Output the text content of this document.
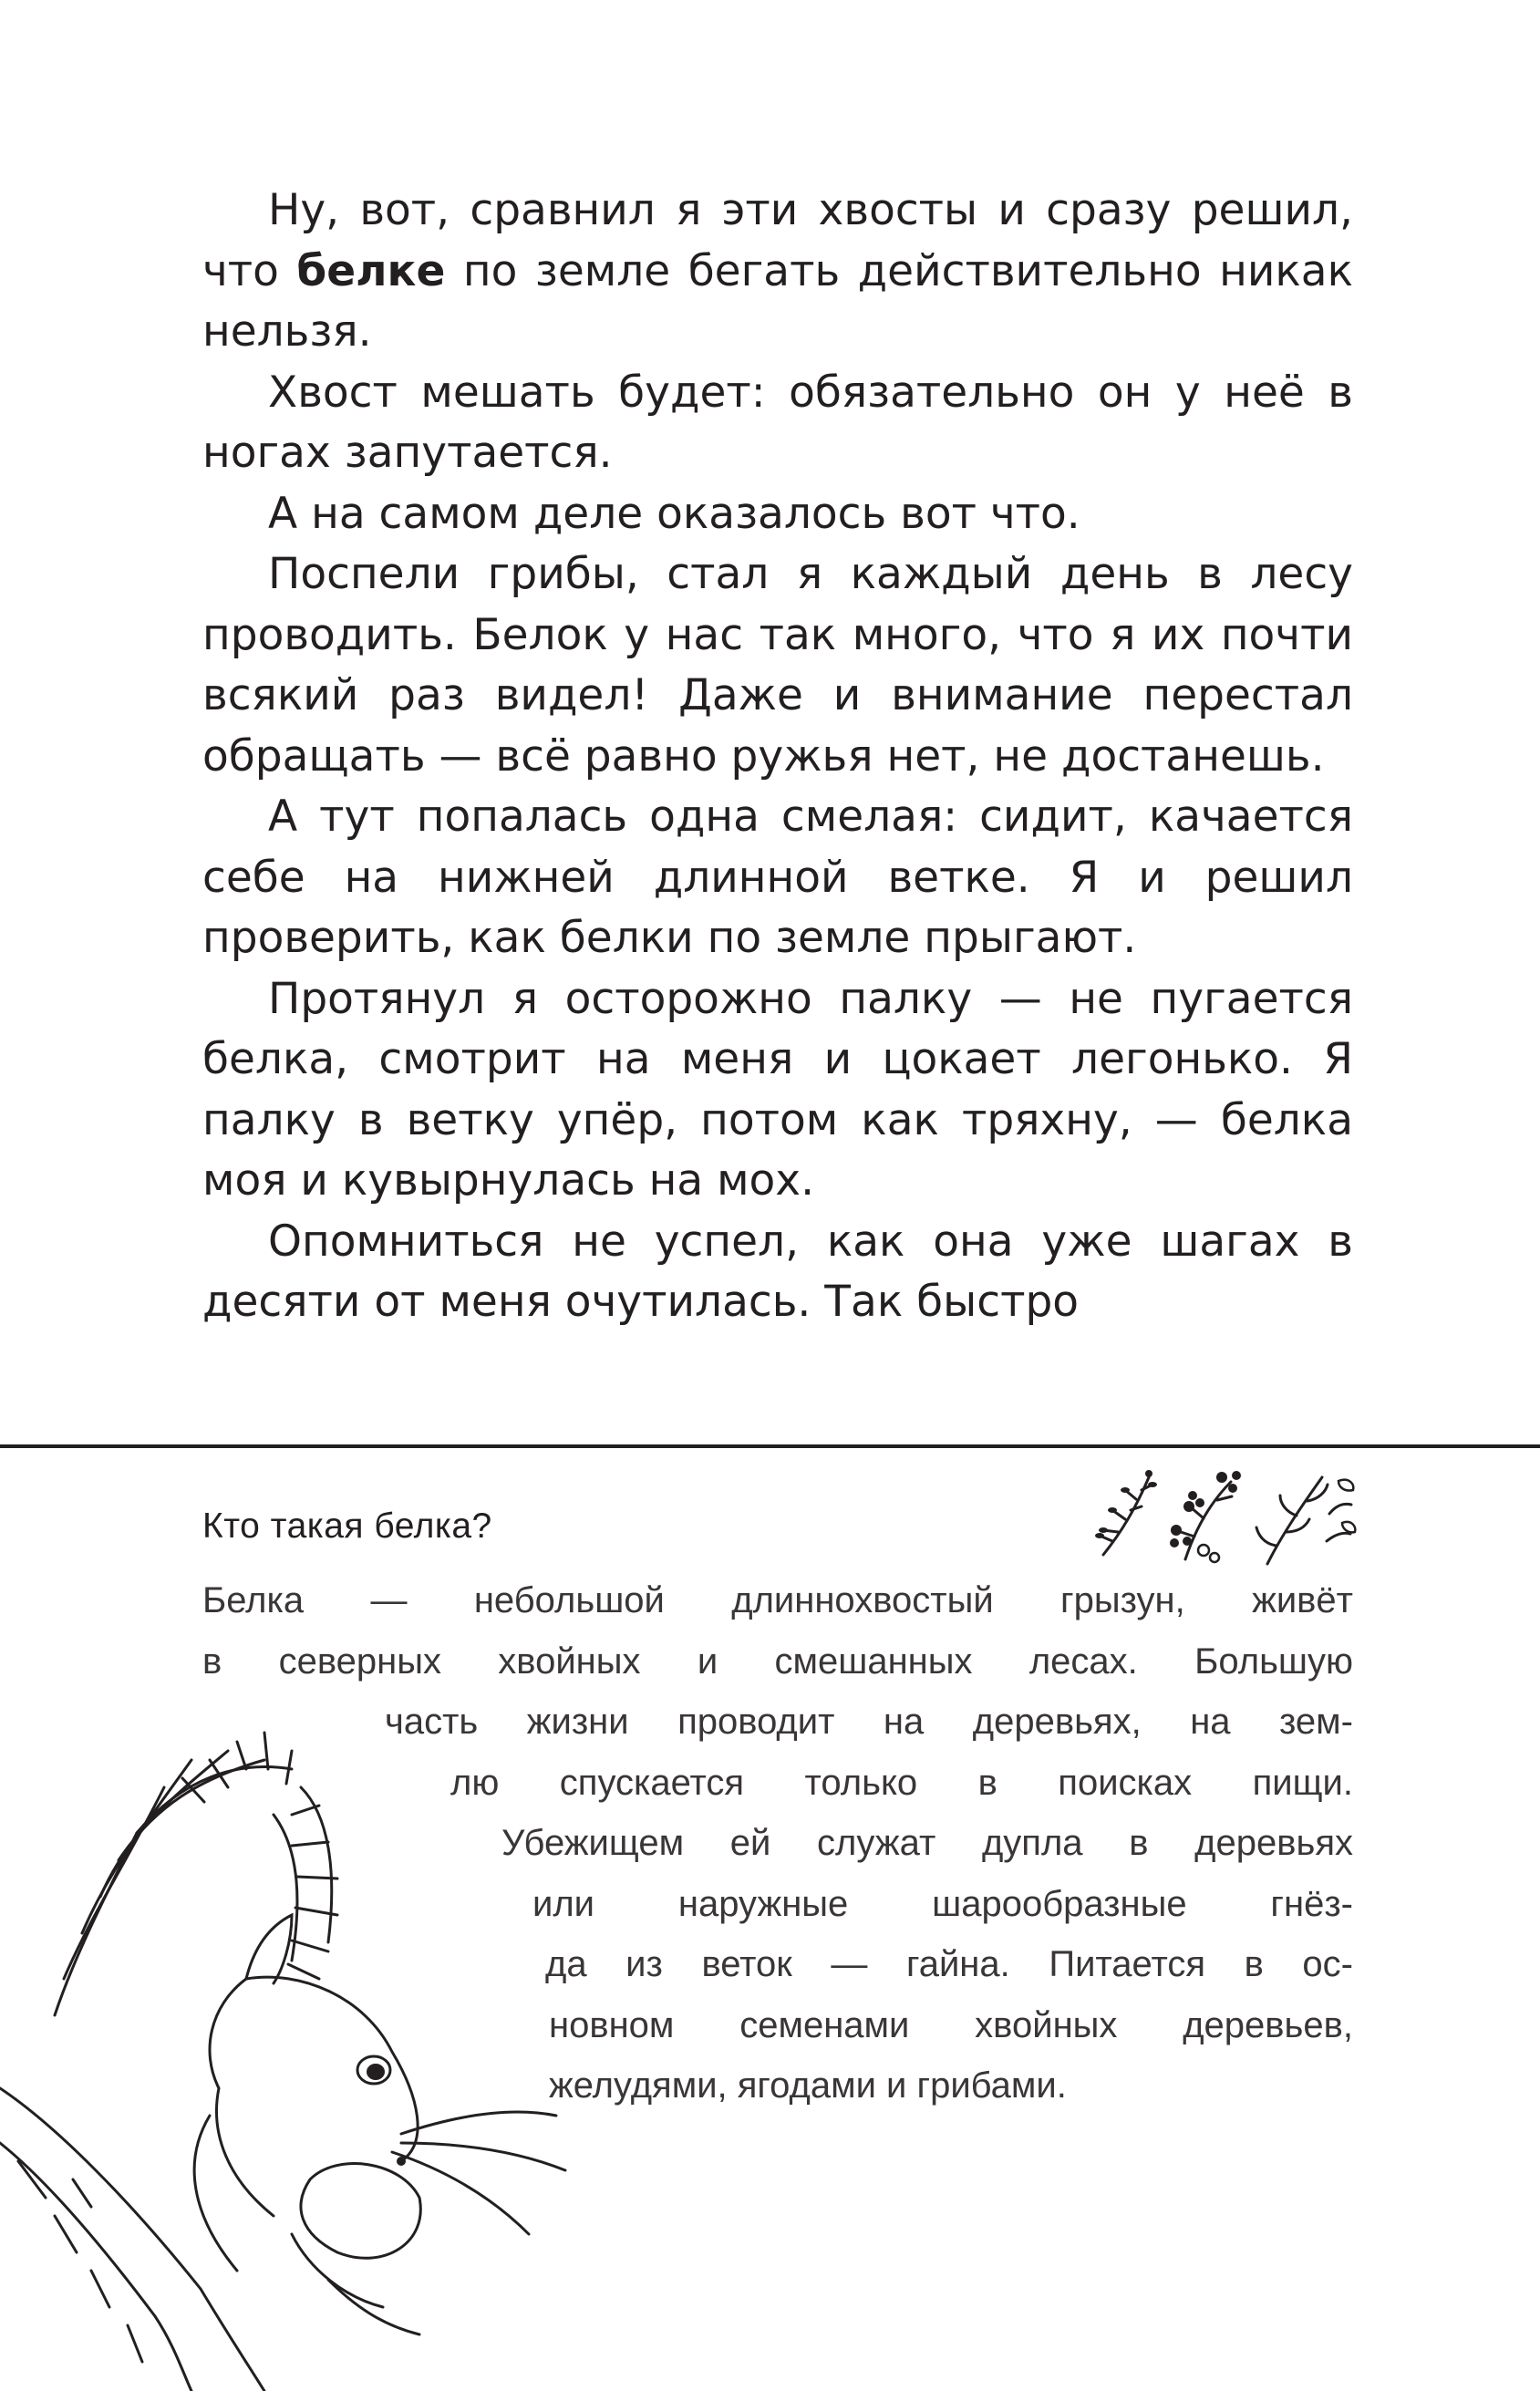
Ну, вот, сравнил я эти хвосты и сразу решил, что белке по земле бегать действительно никак нельзя.

Хвост мешать будет: обязательно он у неё в ногах запутается.

А на самом деле оказалось вот что.

Поспели грибы, стал я каждый день в лесу проводить. Белок у нас так много, что я их почти всякий раз видел! Даже и внимание перестал обращать — всё равно ружья нет, не достанешь.

А тут попалась одна смелая: сидит, качается себе на нижней длинной ветке. Я и решил проверить, как белки по земле прыгают.

Протянул я осторожно палку — не пугается белка, смотрит на меня и цокает легонько. Я палку в ветку упёр, потом как тряхну, — белка моя и кувырнулась на мох.

Опомниться не успел, как она уже шагах в десяти от меня очутилась. Так быстро

Кто такая белка?
Белка — небольшой длиннохвостый грызун, живёт
в северных хвойных и смешанных лесах. Большую
часть жизни проводит на деревьях, на зем-
лю спускается только в поисках пищи.
Убежищем ей служат дупла в деревьях
или наружные шарообразные гнёз-
да из веток — гайна. Питается в ос-
новном семенами хвойных деревьев,
желудями, ягодами и грибами.
